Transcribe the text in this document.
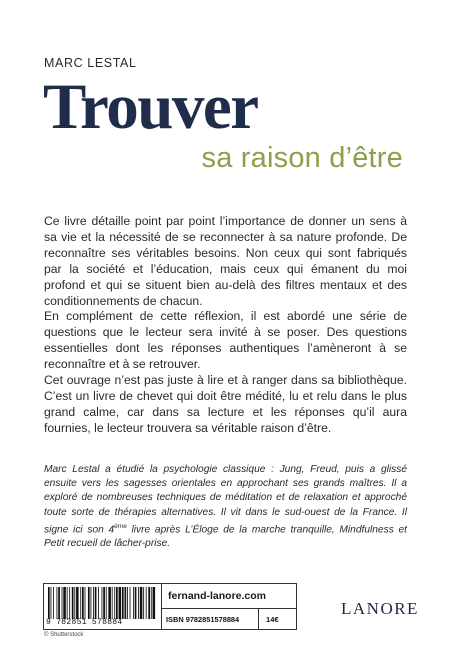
MARC LESTAL
Trouver
sa raison d’être

Ce livre détaille point par point l’importance de donner un sens à sa vie et la nécessité de se reconnecter à sa nature profonde. De reconnaître ses véritables besoins. Non ceux qui sont fabriqués par la société et l’éducation, mais ceux qui émanent du moi profond et qui se situent bien au-delà des filtres mentaux et des conditionnements de chacun.

En complément de cette réflexion, il est abordé une série de questions que le lecteur sera invité à se poser. Des questions essentielles dont les réponses authentiques l’amèneront à se reconnaître et à se retrouver.

Cet ouvrage n’est pas juste à lire et à ranger dans sa bibliothèque. C’est un livre de chevet qui doit être médité, lu et relu dans le plus grand calme, car dans sa lecture et les réponses qu’il aura fournies, le lecteur trouvera sa véritable raison d’être.

Marc Lestal a étudié la psychologie classique : Jung, Freud, puis a glissé ensuite vers les sagesses orientales en approchant ses grands maîtres. Il a exploré de nombreuses techniques de méditation et de relaxation et approché toute sorte de thérapies alternatives. Il vit dans le sud-ouest de la France. Il signe ici son 4ème livre après L’Éloge de la marche tranquille, Mindfulness et Petit recueil de lâcher-prise.

9 782851 578884
fernand-lanore.com
ISBN 9782851578884	14€
© Shutterstock
LANORE
